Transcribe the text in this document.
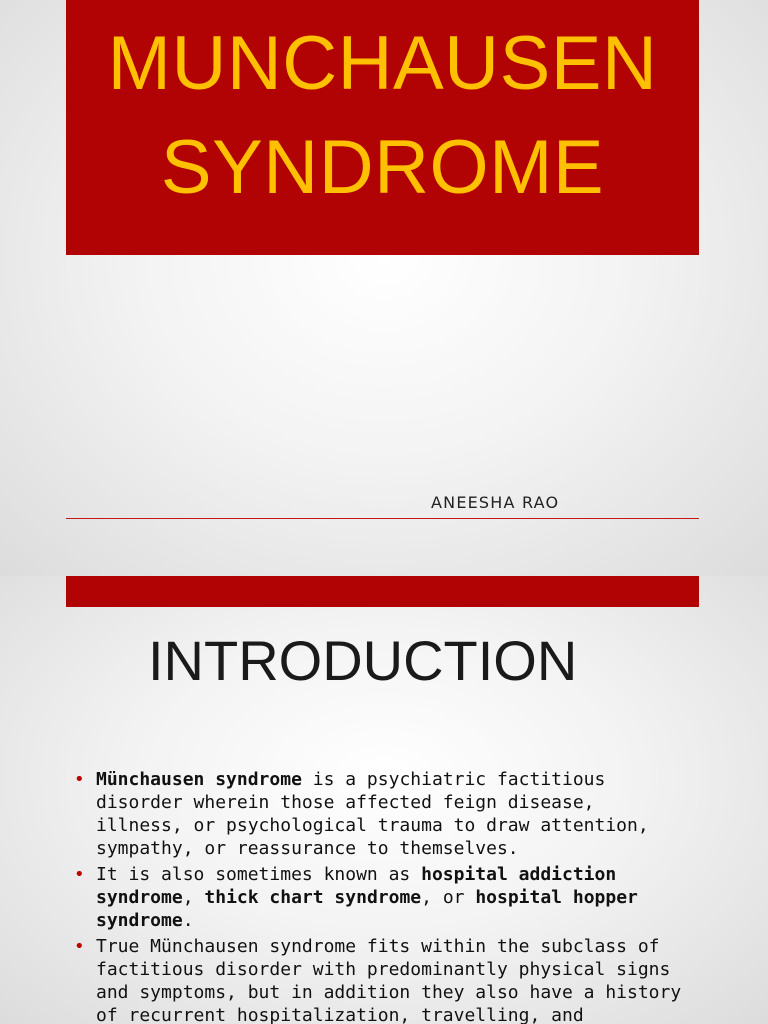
MUNCHAUSEN
SYNDROME
ANEESHA RAO
INTRODUCTION
• Münchausen syndrome is a psychiatric factitious disorder wherein those affected feign disease, illness, or psychological trauma to draw attention, sympathy, or reassurance to themselves.
• It is also sometimes known as hospital addiction syndrome, thick chart syndrome, or hospital hopper syndrome.
• True Münchausen syndrome fits within the subclass of factitious disorder with predominantly physical signs and symptoms, but in addition they also have a history of recurrent hospitalization, travelling, and
